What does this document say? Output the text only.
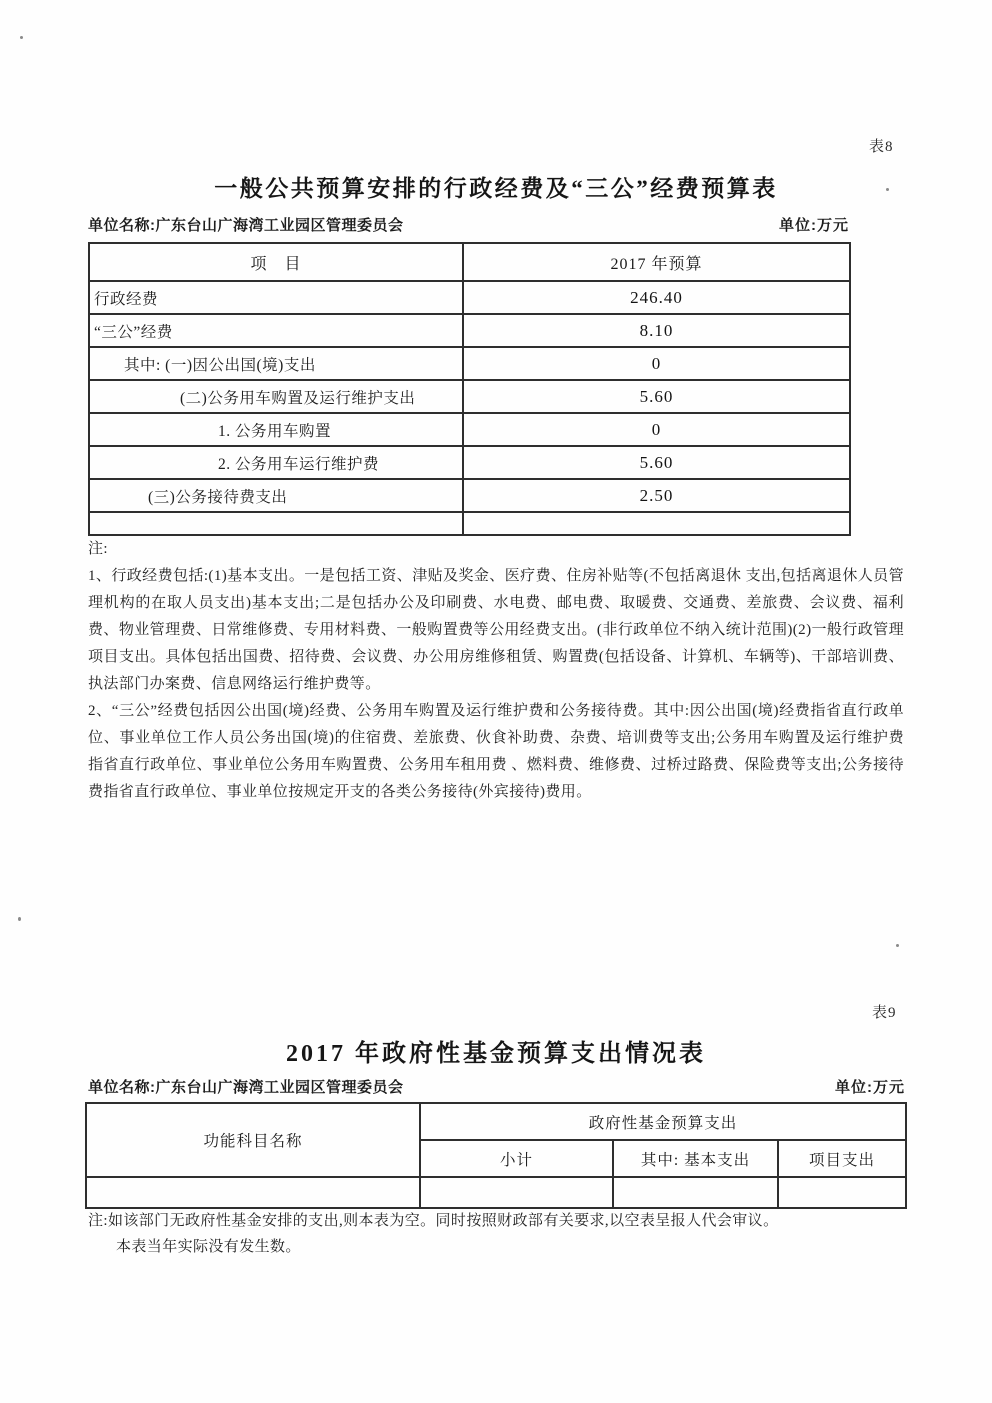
表8
一般公共预算安排的行政经费及“三公”经费预算表
单位名称:广东台山广海湾工业园区管理委员会	单位:万元
项　目	2017 年预算
行政经费	246.40
“三公”经费	8.10
其中: (一)因公出国(境)支出	0
(二)公务用车购置及运行维护支出	5.60
1. 公务用车购置	0
2. 公务用车运行维护费	5.60
(三)公务接待费支出	2.50

注:

1、行政经费包括:(1)基本支出。一是包括工资、津贴及奖金、医疗费、住房补贴等(不包括离退休 支出,包括离退休人员管理机构的在取人员支出)基本支出;二是包括办公及印刷费、水电费、邮电费、取暖费、交通费、差旅费、会议费、福利费、物业管理费、日常维修费、专用材料费、一般购置费等公用经费支出。(非行政单位不纳入统计范围)(2)一般行政管理项目支出。具体包括出国费、招待费、会议费、办公用房维修租赁、购置费(包括设备、计算机、车辆等)、干部培训费、执法部门办案费、信息网络运行维护费等。

2、“三公”经费包括因公出国(境)经费、公务用车购置及运行维护费和公务接待费。其中:因公出国(境)经费指省直行政单位、事业单位工作人员公务出国(境)的住宿费、差旅费、伙食补助费、杂费、培训费等支出;公务用车购置及运行维护费指省直行政单位、事业单位公务用车购置费、公务用车租用费 、燃料费、维修费、过桥过路费、保险费等支出;公务接待费指省直行政单位、事业单位按规定开支的各类公务接待(外宾接待)费用。

表9
2017 年政府性基金预算支出情况表
单位名称:广东台山广海湾工业园区管理委员会	单位:万元
功能科目名称	政府性基金预算支出		
	小计	其中: 基本支出	项目支出

注:如该部门无政府性基金安排的支出,则本表为空。同时按照财政部有关要求,以空表呈报人代会审议。
本表当年实际没有发生数。
